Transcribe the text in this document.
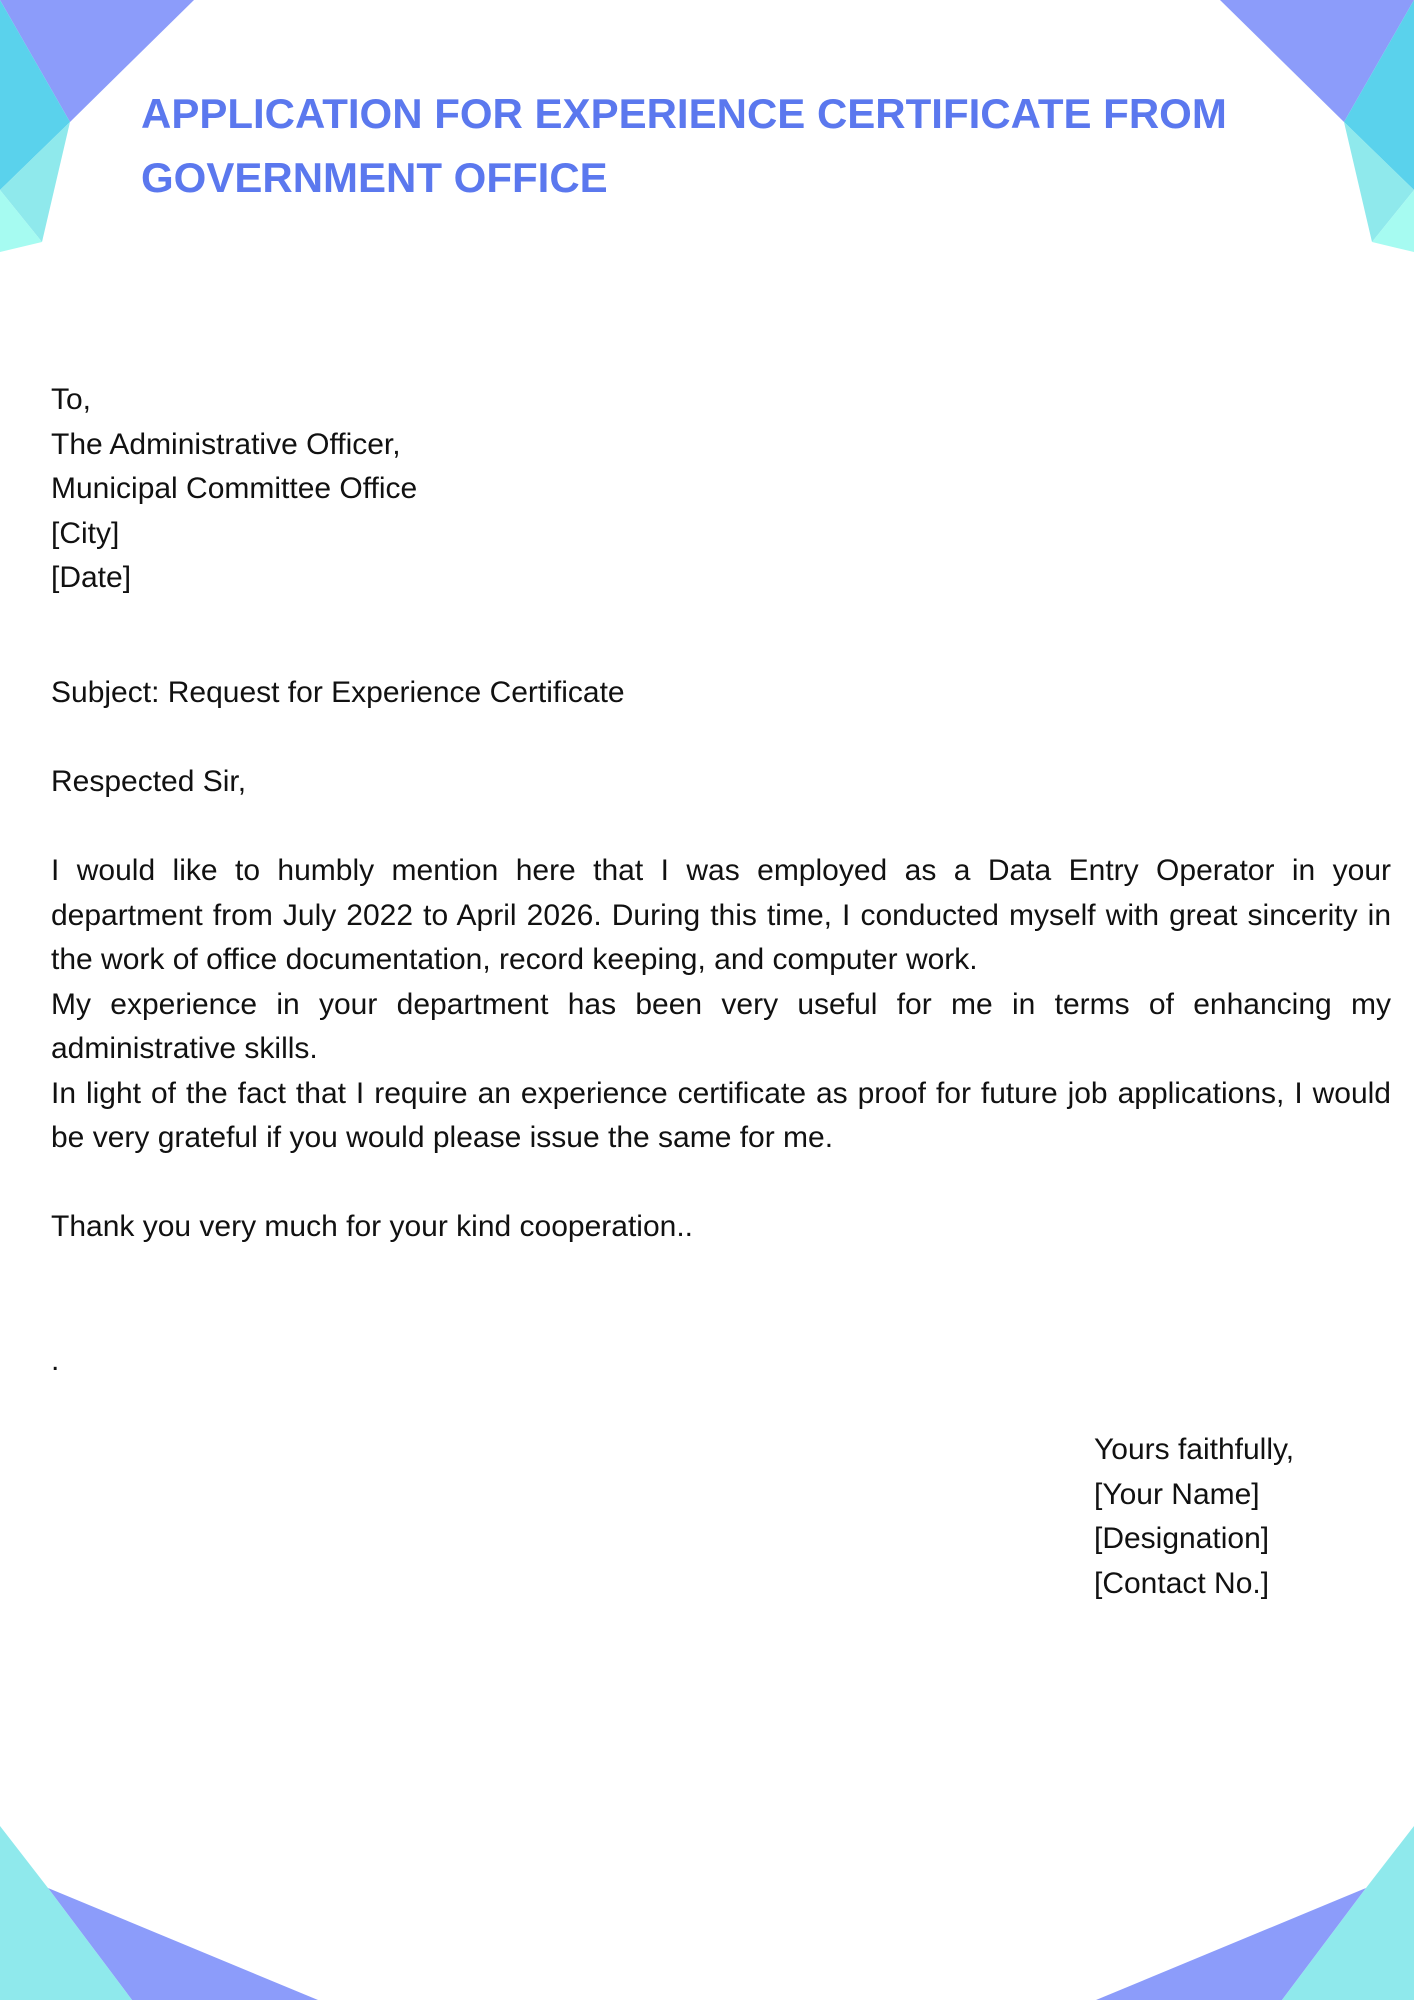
APPLICATION FOR EXPERIENCE CERTIFICATE FROM
GOVERNMENT OFFICE
To,
The Administrative Officer,
Municipal Committee Office
[City]
[Date]
Subject: Request for Experience Certificate
Respected Sir,

I would like to humbly mention here that I was employed as a Data Entry Operator in your department from July 2022 to April 2026. During this time, I conducted myself with great sincerity in the work of office documentation, record keeping, and computer work.

My experience in your department has been very useful for me in terms of enhancing my administrative skills.

In light of the fact that I require an experience certificate as proof for future job applications, I would be very grateful if you would please issue the same for me.

Thank you very much for your kind cooperation..
.
Yours faithfully,
[Your Name]
[Designation]
[Contact No.]
